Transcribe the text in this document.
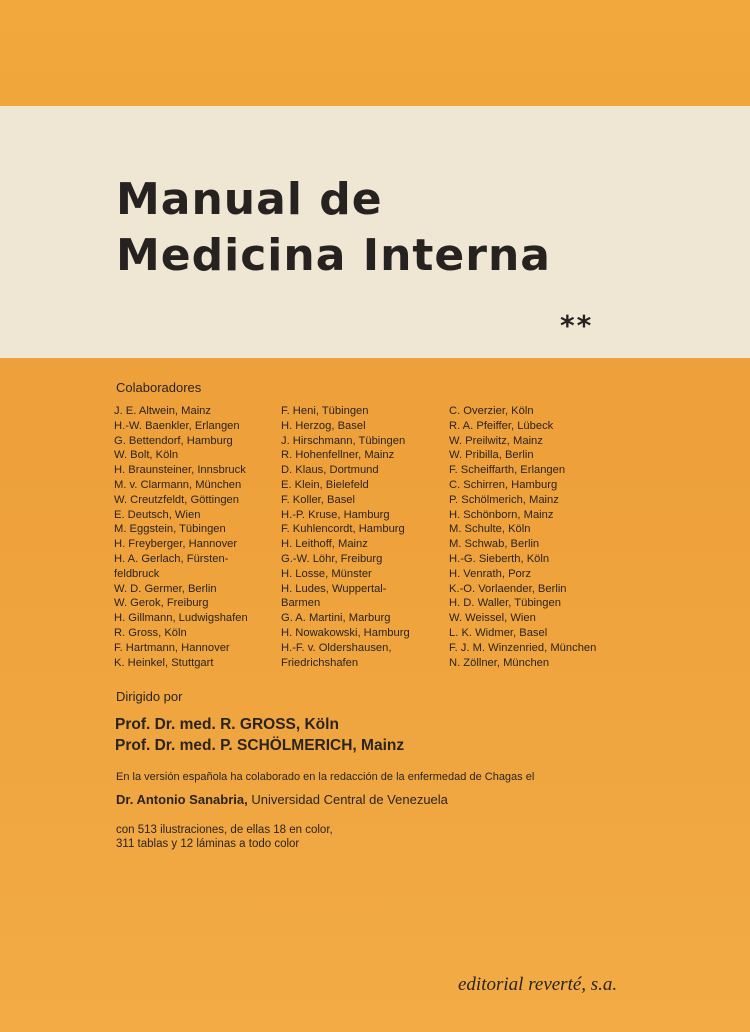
Manual de
Medicina Interna
**
Colaboradores
J. E. Altwein, Mainz
H.-W. Baenkler, Erlangen
G. Bettendorf, Hamburg
W. Bolt, Köln
H. Braunsteiner, Innsbruck
M. v. Clarmann, München
W. Creutzfeldt, Göttingen
E. Deutsch, Wien
M. Eggstein, Tübingen
H. Freyberger, Hannover
H. A. Gerlach, Fürsten-
feldbruck
W. D. Germer, Berlin
W. Gerok, Freiburg
H. Gillmann, Ludwigshafen
R. Gross, Köln
F. Hartmann, Hannover
K. Heinkel, Stuttgart
F. Heni, Tübingen
H. Herzog, Basel
J. Hirschmann, Tübingen
R. Hohenfellner, Mainz
D. Klaus, Dortmund
E. Klein, Bielefeld
F. Koller, Basel
H.-P. Kruse, Hamburg
F. Kuhlencordt, Hamburg
H. Leithoff, Mainz
G.-W. Löhr, Freiburg
H. Losse, Münster
H. Ludes, Wuppertal-
Barmen
G. A. Martini, Marburg
H. Nowakowski, Hamburg
H.-F. v. Oldershausen,
Friedrichshafen
C. Overzier, Köln
R. A. Pfeiffer, Lübeck
W. Preilwitz, Mainz
W. Pribilla, Berlin
F. Scheiffarth, Erlangen
C. Schirren, Hamburg
P. Schölmerich, Mainz
H. Schönborn, Mainz
M. Schulte, Köln
M. Schwab, Berlin
H.-G. Sieberth, Köln
H. Venrath, Porz
K.-O. Vorlaender, Berlin
H. D. Waller, Tübingen
W. Weissel, Wien
L. K. Widmer, Basel
F. J. M. Winzenried, München
N. Zöllner, München
Dirigido por
Prof. Dr. med. R. GROSS, Köln
Prof. Dr. med. P. SCHÖLMERICH, Mainz
En la versión española ha colaborado en la redacción de la enfermedad de Chagas el
Dr. Antonio Sanabria, Universidad Central de Venezuela
con 513 ilustraciones, de ellas 18 en color,
311 tablas y 12 láminas a todo color
editorial reverté, s.a.
